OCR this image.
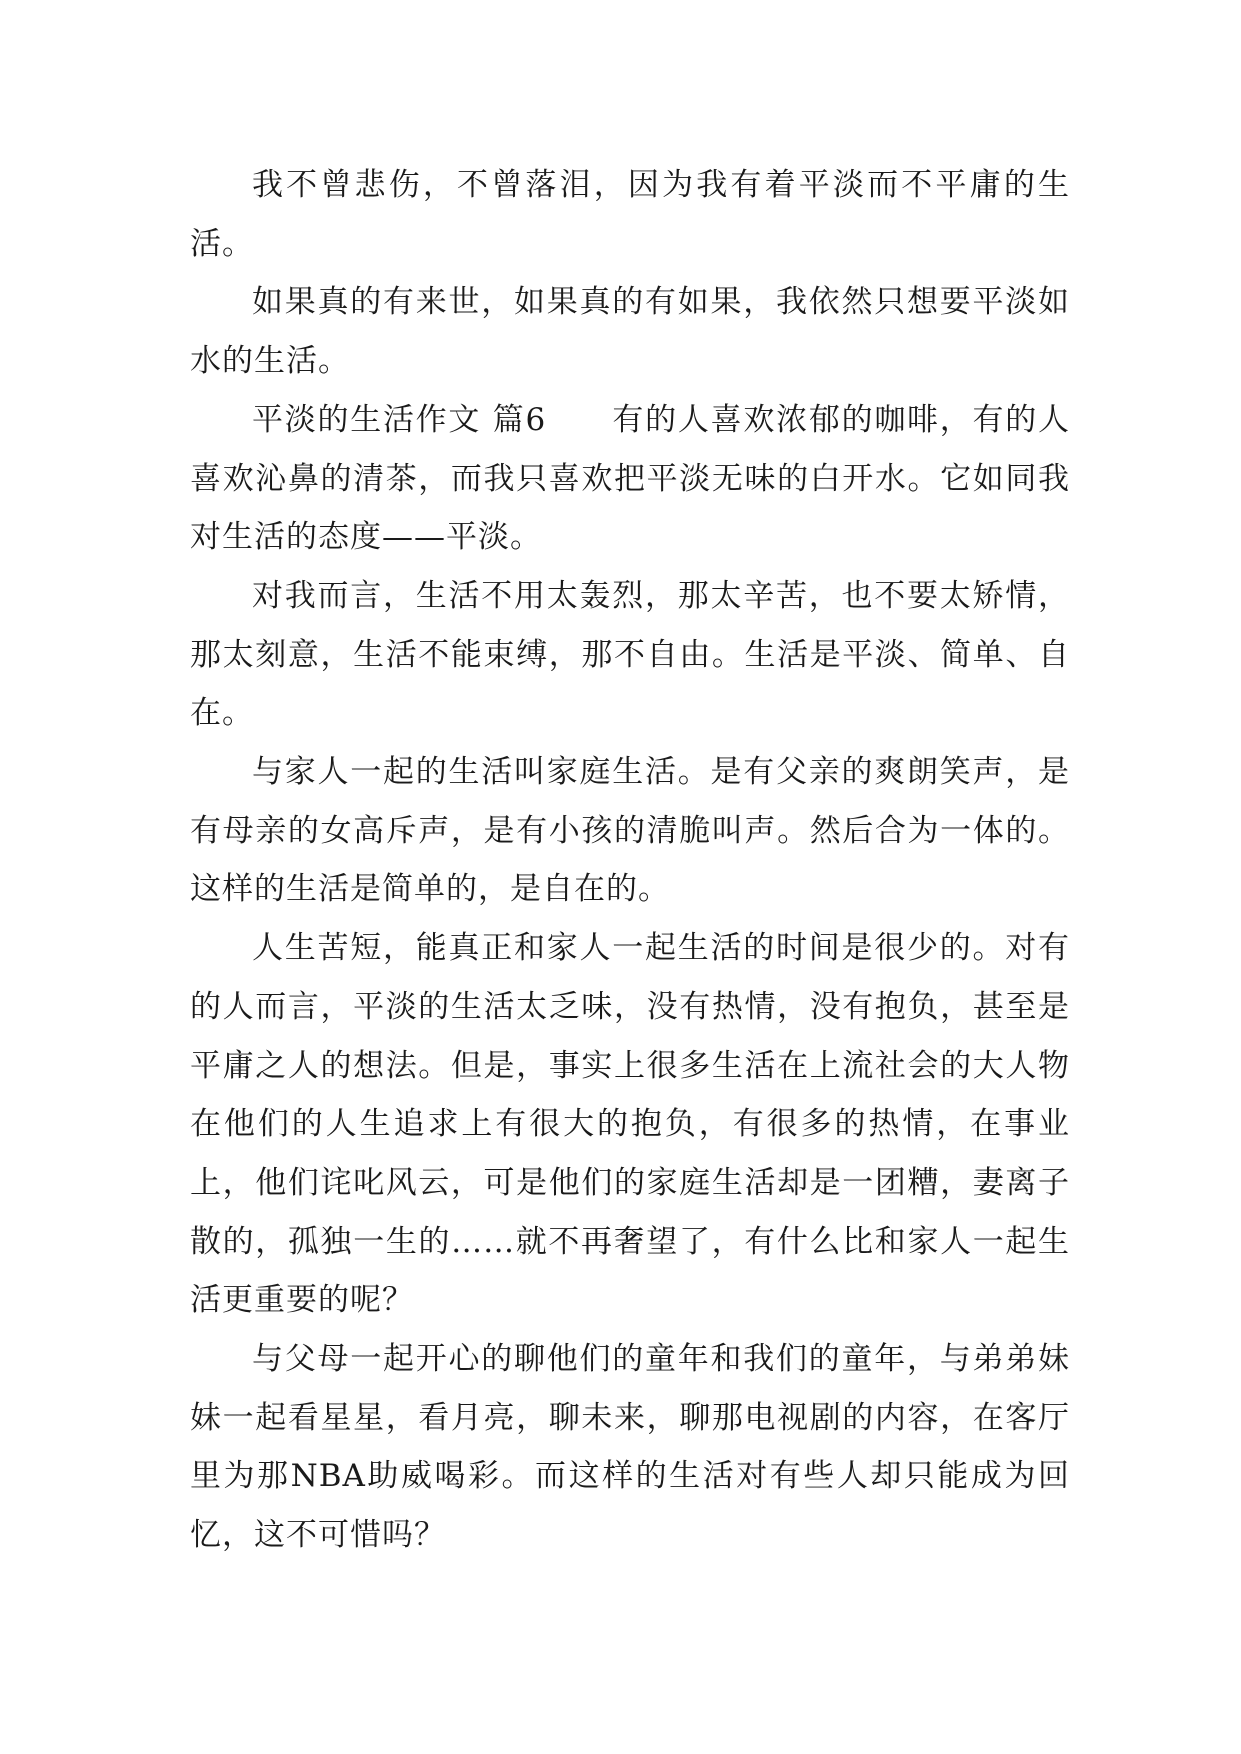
我不曾悲伤，不曾落泪，因为我有着平淡而不平庸的生活。

如果真的有来世，如果真的有如果，我依然只想要平淡如水的生活。

平淡的生活作文 篇6　　有的人喜欢浓郁的咖啡，有的人喜欢沁鼻的清茶，而我只喜欢把平淡无味的白开水。它如同我对生活的态度——平淡。

对我而言，生活不用太轰烈，那太辛苦，也不要太矫情，那太刻意，生活不能束缚，那不自由。生活是平淡、简单、自在。

与家人一起的生活叫家庭生活。是有父亲的爽朗笑声，是有母亲的女高斥声，是有小孩的清脆叫声。然后合为一体的。这样的生活是简单的，是自在的。

人生苦短，能真正和家人一起生活的时间是很少的。对有的人而言，平淡的生活太乏味，没有热情，没有抱负，甚至是平庸之人的想法。但是，事实上很多生活在上流社会的大人物在他们的人生追求上有很大的抱负，有很多的热情，在事业上，他们诧叱风云，可是他们的家庭生活却是一团糟，妻离子散的，孤独一生的……就不再奢望了，有什么比和家人一起生活更重要的呢？

与父母一起开心的聊他们的童年和我们的童年，与弟弟妹妹一起看星星，看月亮，聊未来，聊那电视剧的内容，在客厅里为那NBA助威喝彩。而这样的生活对有些人却只能成为回忆，这不可惜吗？
